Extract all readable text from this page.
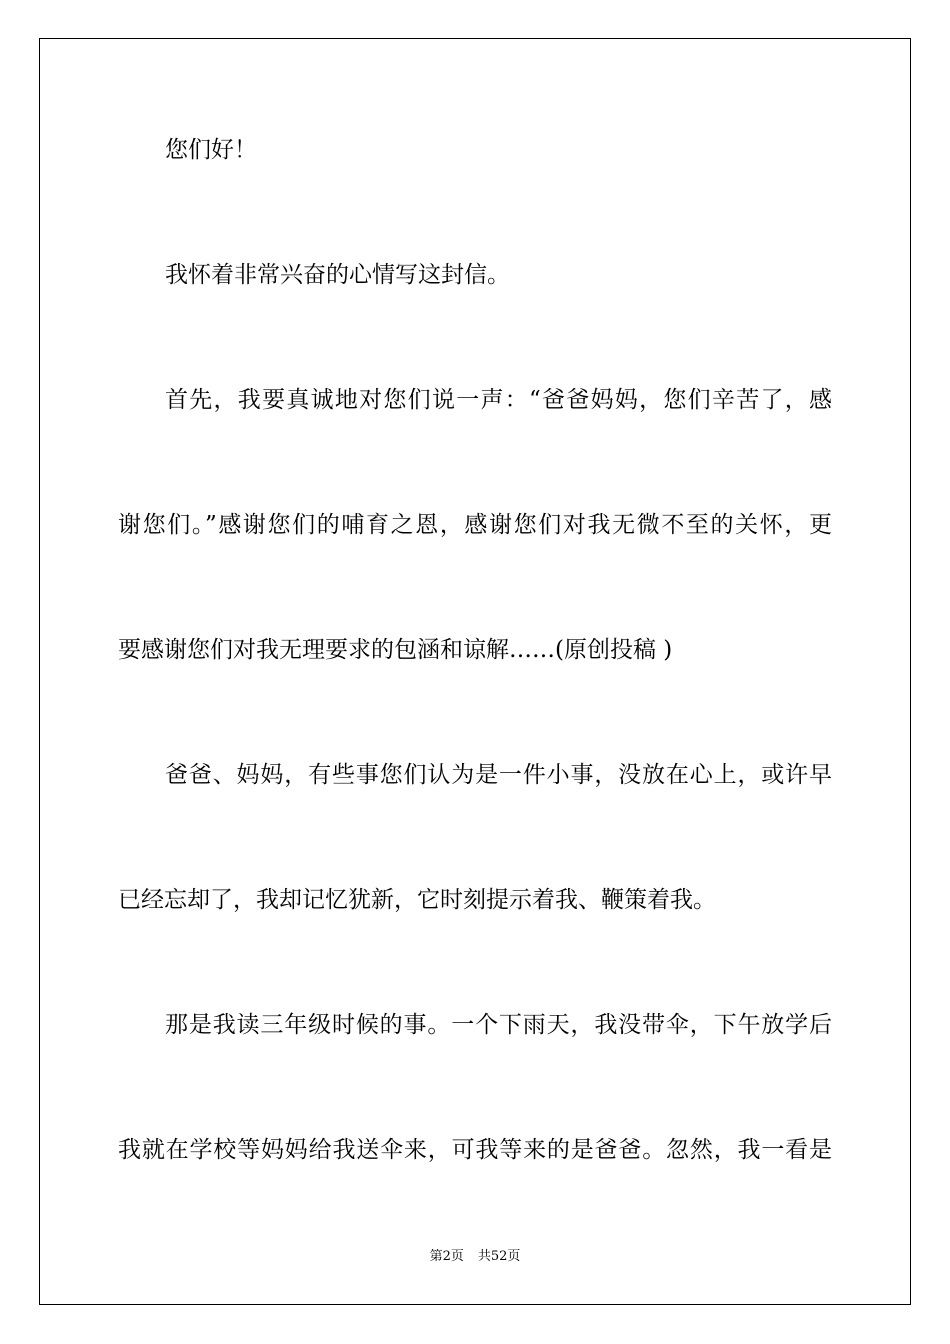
您们好！
我怀着非常兴奋的心情写这封信。
首先，我要真诚地对您们说一声：“爸爸妈妈，您们辛苦了，感
谢您们。”感谢您们的哺育之恩，感谢您们对我无微不至的关怀，更
要感谢您们对我无理要求的包涵和谅解……(原创投稿 )
爸爸、妈妈，有些事您们认为是一件小事，没放在心上，或许早
已经忘却了，我却记忆犹新，它时刻提示着我、鞭策着我。
那是我读三年级时候的事。一个下雨天，我没带伞，下午放学后
我就在学校等妈妈给我送伞来，可我等来的是爸爸。忽然，我一看是
第2页 共52页
